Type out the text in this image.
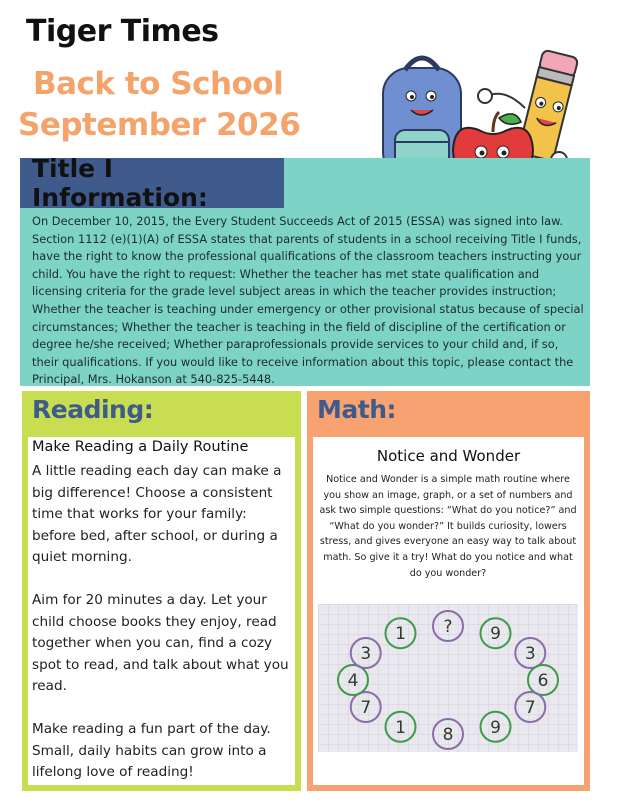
Tiger Times
Back to School
September 2026
Title I Information:

On December 10, 2015, the Every Student Succeeds Act of 2015 (ESSA) was signed into law. Section 1112 (e)(1)(A) of ESSA states that parents of students in a school receiving Title I funds, have the right to know the professional qualifications of the classroom teachers instructing your child. You have the right to request: Whether the teacher has met state qualification and licensing criteria for the grade level subject areas in which the teacher provides instruction; Whether the teacher is teaching under emergency or other provisional status because of special circumstances; Whether the teacher is teaching in the field of discipline of the certification or degree he/she received; Whether paraprofessionals provide services to your child and, if so, their qualifications. If you would like to receive information about this topic, please contact the Principal, Mrs. Hokanson at 540-825-5448.

Reading:
Make Reading a Daily Routine

A little reading each day can make a big difference! Choose a consistent time that works for your family: before bed, after school, or during a quiet morning.

Aim for 20 minutes a day. Let your child choose books they enjoy, read together when you can, find a cozy spot to read, and talk about what you read.

Make reading a fun part of the day. Small, daily habits can grow into a lifelong love of reading!

Math:
Notice and Wonder

Notice and Wonder is a simple math routine where you show an image, graph, or a set of numbers and ask two simple questions: “What do you notice?” and “What do you wonder?” It builds curiosity, lowers stress, and gives everyone an easy way to talk about math. So give it a try! What do you notice and what do you wonder?

? 9
3
6
7
9
8
1
7
4
3
1
